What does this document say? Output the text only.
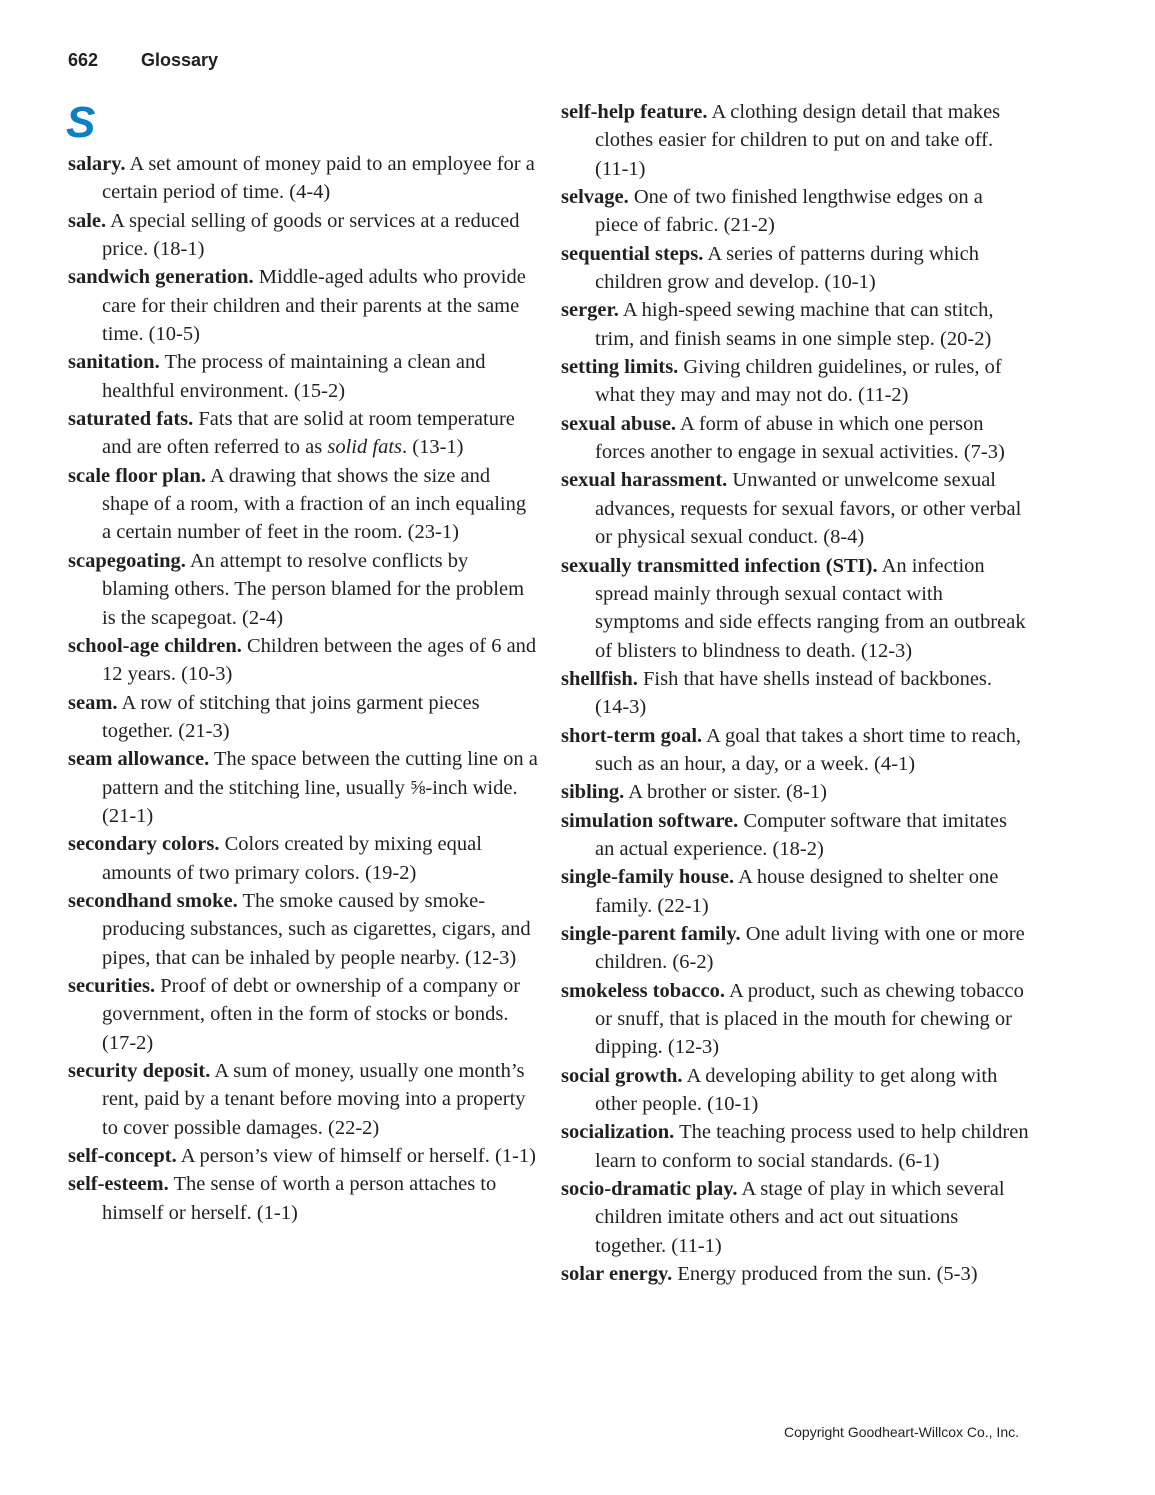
662 Glossary
S

salary. A set amount of money paid to an employee for a certain period of time. (4-4)

sale. A special selling of goods or services at a reduced price. (18-1)

sandwich generation. Middle-aged adults who provide care for their children and their parents at the same time. (10-5)

sanitation. The process of maintaining a clean and healthful environment. (15-2)

saturated fats. Fats that are solid at room temperature and are often referred to as solid fats. (13-1)

scale floor plan. A drawing that shows the size and shape of a room, with a fraction of an inch equaling a certain number of feet in the room. (23-1)

scapegoating. An attempt to resolve conflicts by blaming others. The person blamed for the problem is the scapegoat. (2-4)

school-age children. Children between the ages of 6 and 12 years. (10-3)

seam. A row of stitching that joins garment pieces together. (21-3)

seam allowance. The space between the cutting line on a pattern and the stitching line, usually ⅝-inch wide. (21-1)

secondary colors. Colors created by mixing equal amounts of two primary colors. (19-2)

secondhand smoke. The smoke caused by smoke-producing substances, such as cigarettes, cigars, and pipes, that can be inhaled by people nearby. (12-3)

securities. Proof of debt or ownership of a company or government, often in the form of stocks or bonds. (17-2)

security deposit. A sum of money, usually one month’s rent, paid by a tenant before moving into a property to cover possible damages. (22-2)

self-concept. A person’s view of himself or herself. (1-1)

self-esteem. The sense of worth a person attaches to himself or herself. (1-1)

self-help feature. A clothing design detail that makes clothes easier for children to put on and take off. (11-1)

selvage. One of two finished lengthwise edges on a piece of fabric. (21-2)

sequential steps. A series of patterns during which children grow and develop. (10-1)

serger. A high-speed sewing machine that can stitch, trim, and finish seams in one simple step. (20-2)

setting limits. Giving children guidelines, or rules, of what they may and may not do. (11-2)

sexual abuse. A form of abuse in which one person forces another to engage in sexual activities. (7-3)

sexual harassment. Unwanted or unwelcome sexual advances, requests for sexual favors, or other verbal or physical sexual conduct. (8-4)

sexually transmitted infection (STI). An infection spread mainly through sexual contact with symptoms and side effects ranging from an outbreak of blisters to blindness to death. (12-3)

shellfish. Fish that have shells instead of backbones. (14-3)

short-term goal. A goal that takes a short time to reach, such as an hour, a day, or a week. (4-1)

sibling. A brother or sister. (8-1)

simulation software. Computer software that imitates an actual experience. (18-2)

single-family house. A house designed to shelter one family. (22-1)

single-parent family. One adult living with one or more children. (6-2)

smokeless tobacco. A product, such as chewing tobacco or snuff, that is placed in the mouth for chewing or dipping. (12-3)

social growth. A developing ability to get along with other people. (10-1)

socialization. The teaching process used to help children learn to conform to social standards. (6-1)

socio-dramatic play. A stage of play in which several children imitate others and act out situations together. (11-1)

solar energy. Energy produced from the sun. (5-3)

Copyright Goodheart-Willcox Co., Inc.
